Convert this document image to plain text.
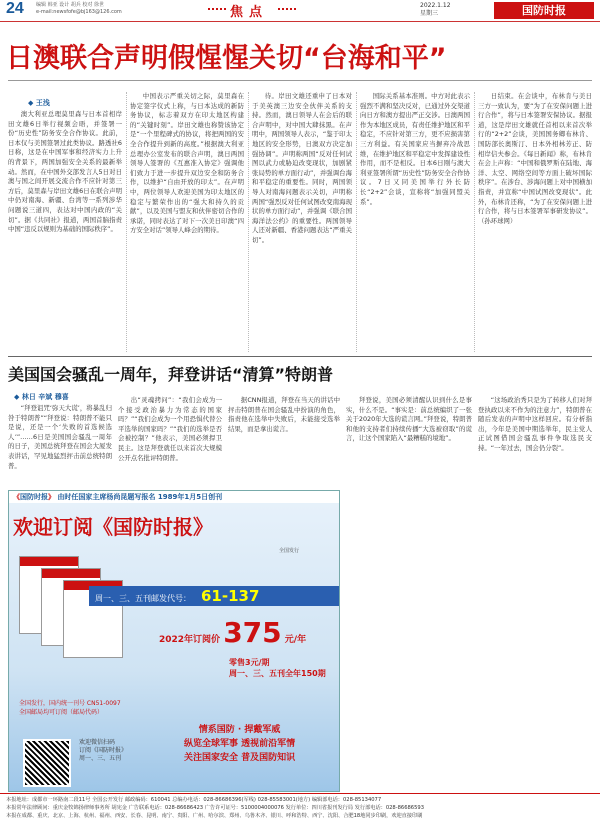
24 编辑 韩亚 设计 胡兵 校对 徐世
e-mail:newsfofe@bj163@126.com	焦点	2022.1.12
星期三	国防时报
日澳联合声明假惺惺关切“台海和平”
◆ 王浅

澳大利亚总理莫里森与日本首相岸田文雄6日举行视频会晤，并签署一份“历史性”防务安全合作协议。此前，日本仅与美国签署过此类协议。路透社6日称，这是在中国军事和经济实力上升的背景下，两国加强安全关系的最新举动。然而，在中国外交部发言人5日对日澳与国之间开展交流合作不应针对第三方后，莫里森与岸田文雄6日在联合声明中仍对南海、新疆、台湾等一系列涉华问题说三道四，表达对中国内政的“关切”。据《共同社》报道，两国首脑指责中国“违反以规则为基础的国际秩序”。

中国表示严重关切之际，莫里森在协定签字仪式上称，与日本达成的新防务协议，标志着双方在印太地区构建的“关键时刻”。岸田文雄也称赞该协定是“一个里程碑式的协议，将把两国的安全合作提升到新的高度。”根据澳大利亚总理办公室发布的联合声明，澳日两国领导人签署的《互惠准入协定》强调他们致力于进一步提升双边安全和防务合作，以维护“自由开放的印太”。在声明中，两位领导人欢迎美国为印太地区的稳定与繁荣作出的“强大和持久的贡献”，以及美国与盟友和伙伴密切合作的承诺，同时表达了对下一次美日印澳“四方安全对话”领导人峰会的期待。

待。岸田文雄还重申了日本对于美英澳三边安全伙伴关系的支持。然而，澳日领导人在会后的联合声明中，对中国大肆抹黑。在声明中，两国领导人表示，“鉴于印太地区的安全形势，日澳双方决定加强协调”。声明称两国“反对任何试图以武力或胁迫改变现状，加剧紧张局势的单方面行动”，并强调台海和平稳定的重要性。同时，两国领导人对南海问题表示关切，声明称两国“强烈反对任何试图改变南海现状的单方面行动”，并强调《联合国海洋法公约》的重要性。两国领导人还对新疆、香港问题表达“严重关切”。

国际关系基本准则。中方对此表示强烈不满和坚决反对，已通过外交渠道向日方和澳方提出严正交涉。日澳两国作为本地区成员，有责任维护地区和平稳定，不应针对第三方，更不应损害第三方利益。有关国家应当摒弃冷战思维，在维护地区和平稳定中发挥建设性作用，而不是相反。日本6日刚与澳大利亚签署所谓“历史性”防务安全合作协议。7日又同美国举行外长防长“2+2”会谈，宣称将“加强同盟关系”。

日结束。在会谈中，布林肯与美日三方一致认为，要“为了在安保问题上进行合作”，将与日本签署安保协议。据报道，这是岸田文雄就任首相以来首次举行的“2+2”会谈，美国国务卿布林肯、国防部长奥斯汀、日本外相林芳正、防相岸信夫参会。《每日新闻》称，布林肯在会上声称：“中国和俄罗斯在陆地、海洋、太空、网络空间等方面上破坏国际秩序”。在涉台、涉海问题上对中国横加指责，并宣称“中国试图改变现状”。此外，布林肯还称，“为了在安保问题上进行合作，将与日本签署军事研发协议”。（孙环球网）

美国国会骚乱一周年，拜登讲话“清算”特朗普
◆ 林日 辛斌 穆喜

“拜登诅咒‘弥天大谎’，将暴乱归咎于特朗普”“拜登说：特朗普不能只是说，还是一个‘失败的首选候选人’”……6日是美国国会骚乱一周年的日子，美国总统拜登在国会大厦发表讲话，罕见地猛烈抨击前总统特朗普。

出“灵魂拷问”：“我们会成为一个接受政治暴力为常态的国家吗？”“我们会成为一个用恐惧代替公平选举的国家吗？”“我们的选举是否会被控制？”他表示，美国必须捍卫民主。这是拜登就任以来首次大规模公开点名批评特朗普。

据CNN报道，拜登在当天的讲话中抨击特朗普在国会骚乱中扮演的角色，指责他在选举中失败后，未能接受选举结果，而是拿出谎言。

拜登说，美国必须清醒认识到什么是事实，什么不是。“事实是：前总统编织了一张关于2020年大选的谎言网。”拜登说，特朗普和他的支持者们持续传播“大选被窃取”的谎言，让这个国家陷入“最糟糕的境地”。

“这场政治秀只是为了转移人们对拜登执政以来不作为的注意力”，特朗普在随后发表的声明中这样回应。有分析指出，今年是美国中期选举年，民主党人正试图借国会骚乱事件争取选民支持。“一年过去，国会仍分裂”。

《国防时报》 由时任国家主席杨尚昆题写报名 1989年1月5日创刊
欢迎订阅《国防时报》
全国发行
周一、三、五刊邮发代号： 61-137
2022年订阅价 375 元/年
零售3元/期
周一、三、五刊全年150期
全国发行，国内统一刊号 CN51-0097
全国邮局均可订阅（邮局代码）
欢迎微信扫码
订阅《国防时报》
周一、三、五刊
情系国防 · 捍戴军威
纵览全球军事 透视前沿军情
关注国家安全 普及国防知识
本报地址：成都市一环路南二段11号 全国公开发行 邮政编码：610041 总编办电话：028-86686396(军线) 028-85583001(地方) 编辑部电话：028-85134077
本报常年法律顾问：重庆金牧锦扬律师事务所 胡宪金 广告联系电话：028-86686423 广告许可证号：5100004000076 发行单位：四川省报刊发行局 发行部电话：028-86686593
本报在成都、重庆、北京、上海、杭州、福州、西安、长春、昆明、南宁、贵阳、广州、哈尔滨、郑州、乌鲁木齐、银川、呼和浩特、西宁、沈阳、合肥18地同步印刷，欢迎直接印刷
